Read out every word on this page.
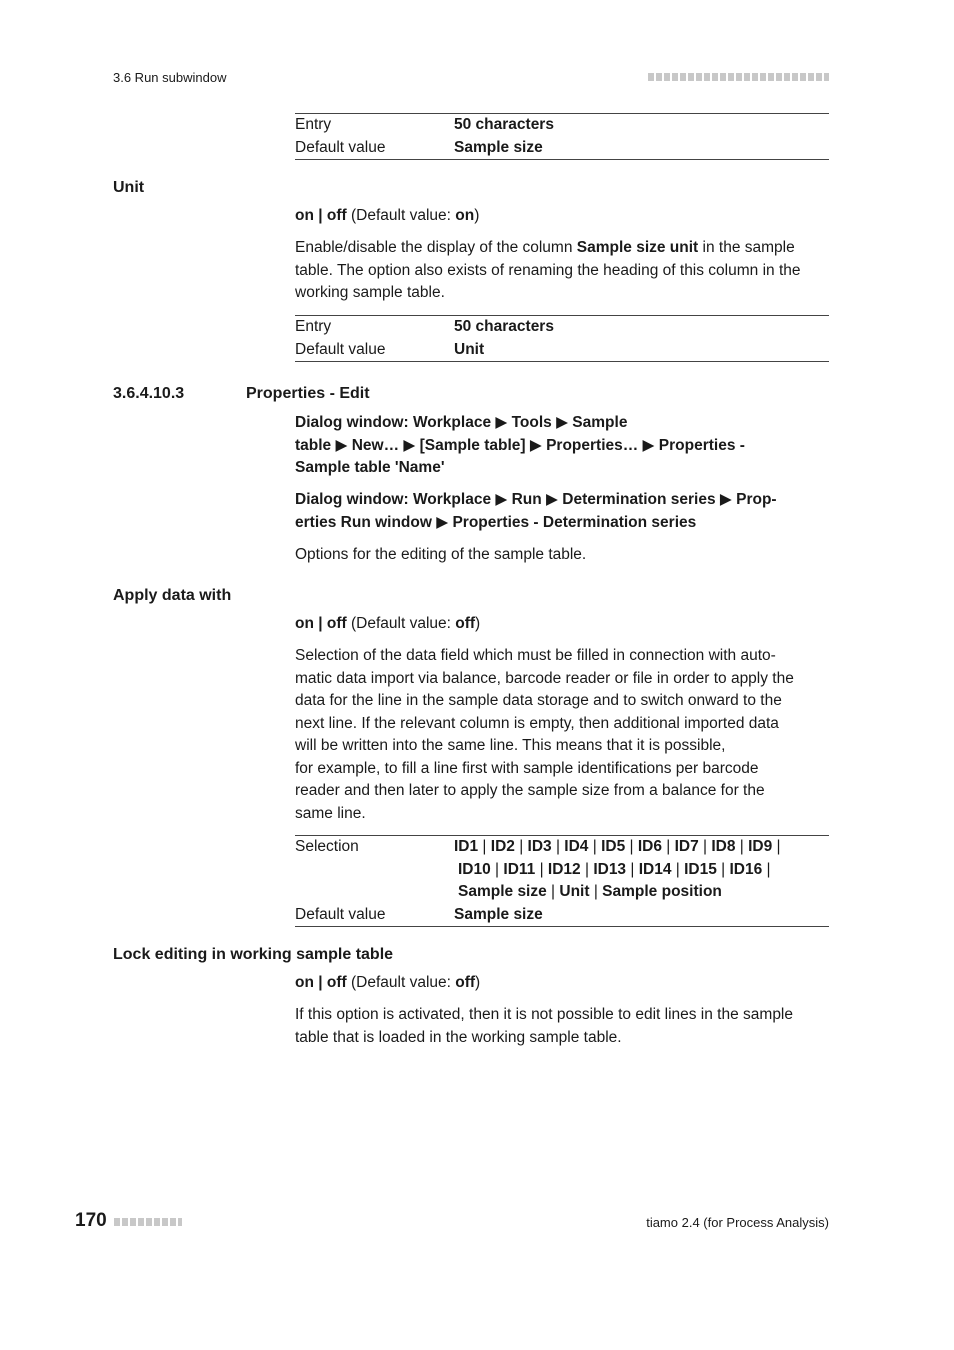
3.6 Run subwindow
Entry	50 characters
Default value	Sample size
Unit
on | off (Default value: on)
Enable/disable the display of the column Sample size unit in the sample table. The option also exists of renaming the heading of this column in the working sample table.
Entry	50 characters
Default value	Unit
3.6.4.10.3	Properties - Edit
Dialog window: Workplace ▶ Tools ▶ Sample
table ▶ New… ▶ [Sample table] ▶ Properties… ▶ Properties -
Sample table 'Name'
Dialog window: Workplace ▶ Run ▶ Determination series ▶ Prop-
erties Run window ▶ Properties - Determination series
Options for the editing of the sample table.
Apply data with
on | off (Default value: off)
Selection of the data field which must be filled in connection with auto-
matic data import via balance, barcode reader or file in order to apply the
data for the line in the sample data storage and to switch onward to the
next line. If the relevant column is empty, then additional imported data
will be written into the same line. This means that it is possible,
for example, to fill a line first with sample identifications per barcode
reader and then later to apply the sample size from a balance for the
same line.
Selection	ID1 | ID2 | ID3 | ID4 | ID5 | ID6 | ID7 | ID8 | ID9 |
ID10 | ID11 | ID12 | ID13 | ID14 | ID15 | ID16 |
Sample size | Unit | Sample position
Default value	Sample size
Lock editing in working sample table
on | off (Default value: off)
If this option is activated, then it is not possible to edit lines in the sample
table that is loaded in the working sample table.
170	tiamo 2.4 (for Process Analysis)
